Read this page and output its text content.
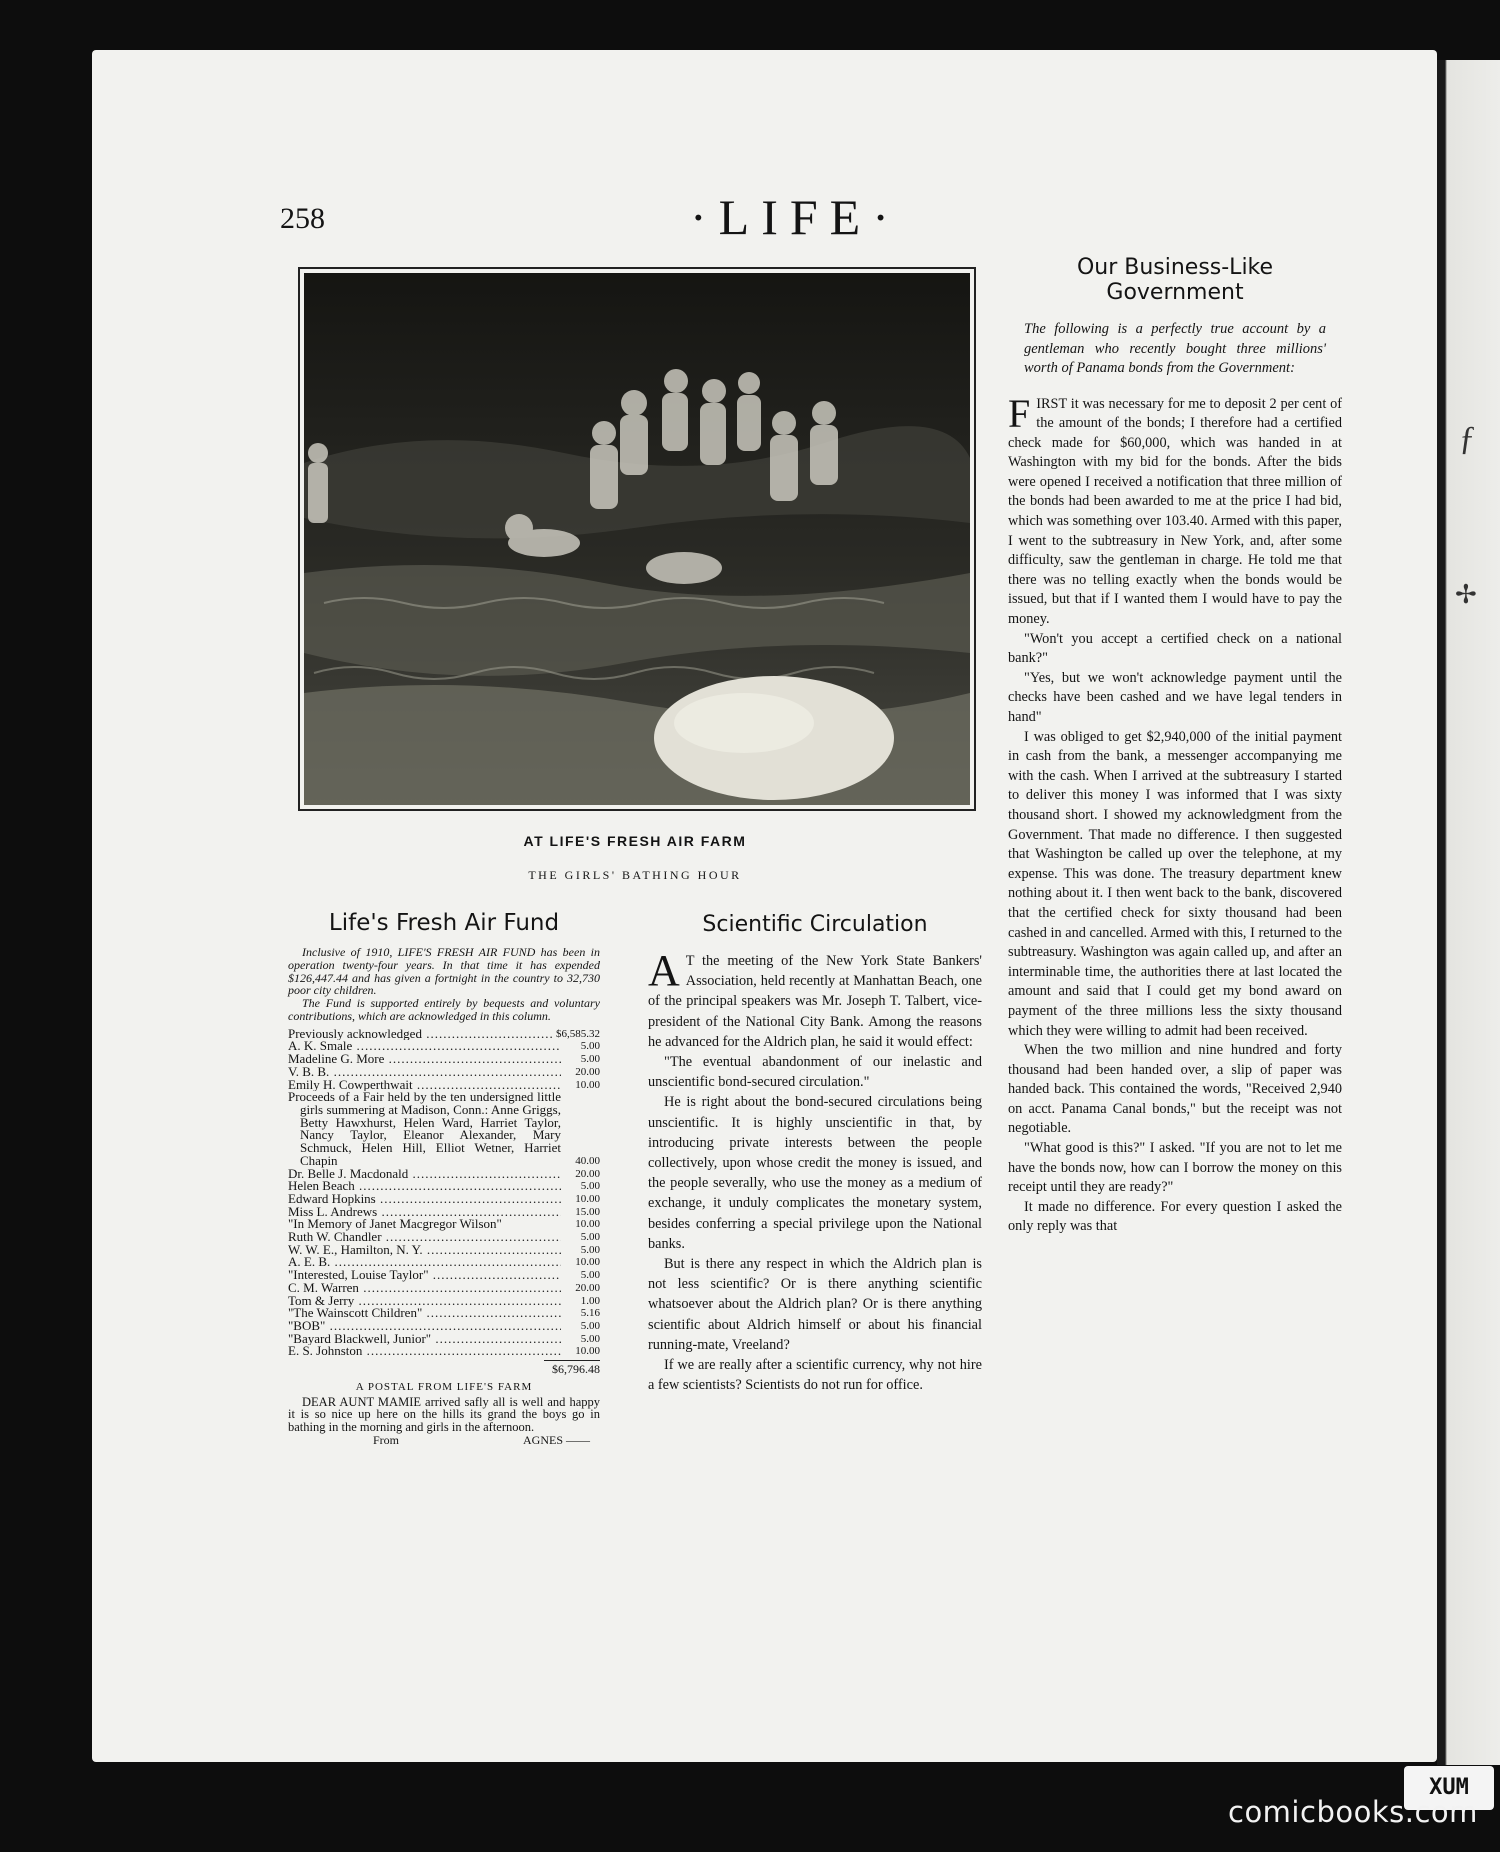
ƒ
✢
258	·LIFE·
AT LIFE'S FRESH AIR FARM
THE GIRLS' BATHING HOUR
Life's Fresh Air Fund

Inclusive of 1910, LIFE'S FRESH AIR FUND has been in operation twenty-four years. In that time it has expended $126,447.44 and has given a fortnight in the country to 32,730 poor city children.

The Fund is supported entirely by bequests and voluntary contributions, which are acknowledged in this column.

Previously acknowledged .....	$6,585.32
A. K. Smale .....	5.00
Madeline G. More .....	5.00
V. B. B. .....	20.00
Emily H. Cowperthwait .....	10.00
Proceeds of a Fair held by the ten undersigned little girls summering at Madison, Conn.: Anne Griggs, Betty Hawxhurst, Helen Ward, Harriet Taylor, Nancy Taylor, Eleanor Alexander, Mary Schmuck, Helen Hill, Elliot Wetner, Harriet Chapin	40.00
Dr. Belle J. Macdonald .....	20.00
Helen Beach .....	5.00
Edward Hopkins .....	10.00
Miss L. Andrews .....	15.00
"In Memory of Janet Macgregor Wilson"	10.00
Ruth W. Chandler .....	5.00
W. W. E., Hamilton, N. Y. .....	5.00
A. E. B. .....	10.00
"Interested, Louise Taylor" .....	5.00
C. M. Warren .....	20.00
Tom & Jerry .....	1.00
"The Wainscott Children" .....	5.16
"BOB" .....	5.00
"Bayard Blackwell, Junior" .....	5.00
E. S. Johnston .....	10.00
$6,796.48
A POSTAL FROM LIFE'S FARM

DEAR AUNT MAMIE arrived safly all is well and happy it is so nice up here on the hills its grand the boys go in bathing in the morning and girls in the afternoon.

From	AGNES ——
Scientific Circulation

A T the meeting of the New York State Bankers' Association, held recently at Manhattan Beach, one of the principal speakers was Mr. Joseph T. Talbert, vice-president of the National City Bank. Among the reasons he advanced for the Aldrich plan, he said it would effect:

"The eventual abandonment of our inelastic and unscientific bond-secured circulation."

He is right about the bond-secured circulations being unscientific. It is highly unscientific in that, by introducing private interests between the people collectively, upon whose credit the money is issued, and the people severally, who use the money as a medium of exchange, it unduly complicates the monetary system, besides conferring a special privilege upon the National banks.

But is there any respect in which the Aldrich plan is not less scientific? Or is there anything scientific whatsoever about the Aldrich plan? Or is there anything scientific about Aldrich himself or about his financial running-mate, Vreeland?

If we are really after a scientific currency, why not hire a few scientists? Scientists do not run for office.

Our Business-Like Government

The following is a perfectly true account by a gentleman who recently bought three millions' worth of Panama bonds from the Government:

FIRST it was necessary for me to deposit 2 per cent of the amount of the bonds; I therefore had a certified check made for $60,000, which was handed in at Washington with my bid for the bonds. After the bids were opened I received a notification that three million of the bonds had been awarded to me at the price I had bid, which was something over 103.40. Armed with this paper, I went to the subtreasury in New York, and, after some difficulty, saw the gentleman in charge. He told me that there was no telling exactly when the bonds would be issued, but that if I wanted them I would have to pay the money.

"Won't you accept a certified check on a national bank?"

"Yes, but we won't acknowledge payment until the checks have been cashed and we have legal tenders in hand"

I was obliged to get $2,940,000 of the initial payment in cash from the bank, a messenger accompanying me with the cash. When I arrived at the subtreasury I started to deliver this money I was informed that I was sixty thousand short. I showed my acknowledgment from the Government. That made no difference. I then suggested that Washington be called up over the telephone, at my expense. This was done. The treasury department knew nothing about it. I then went back to the bank, discovered that the certified check for sixty thousand had been cashed in and cancelled. Armed with this, I returned to the subtreasury. Washington was again called up, and after an interminable time, the authorities there at last located the amount and said that I could get my bond award on payment of the three millions less the sixty thousand which they were willing to admit had been received.

When the two million and nine hundred and forty thousand had been handed over, a slip of paper was handed back. This contained the words, "Received 2,940 on acct. Panama Canal bonds," but the receipt was not negotiable.

"What good is this?" I asked. "If you are not to let me have the bonds now, how can I borrow the money on this receipt until they are ready?"

It made no difference. For every question I asked the only reply was that

XUM
comicbooks.com
